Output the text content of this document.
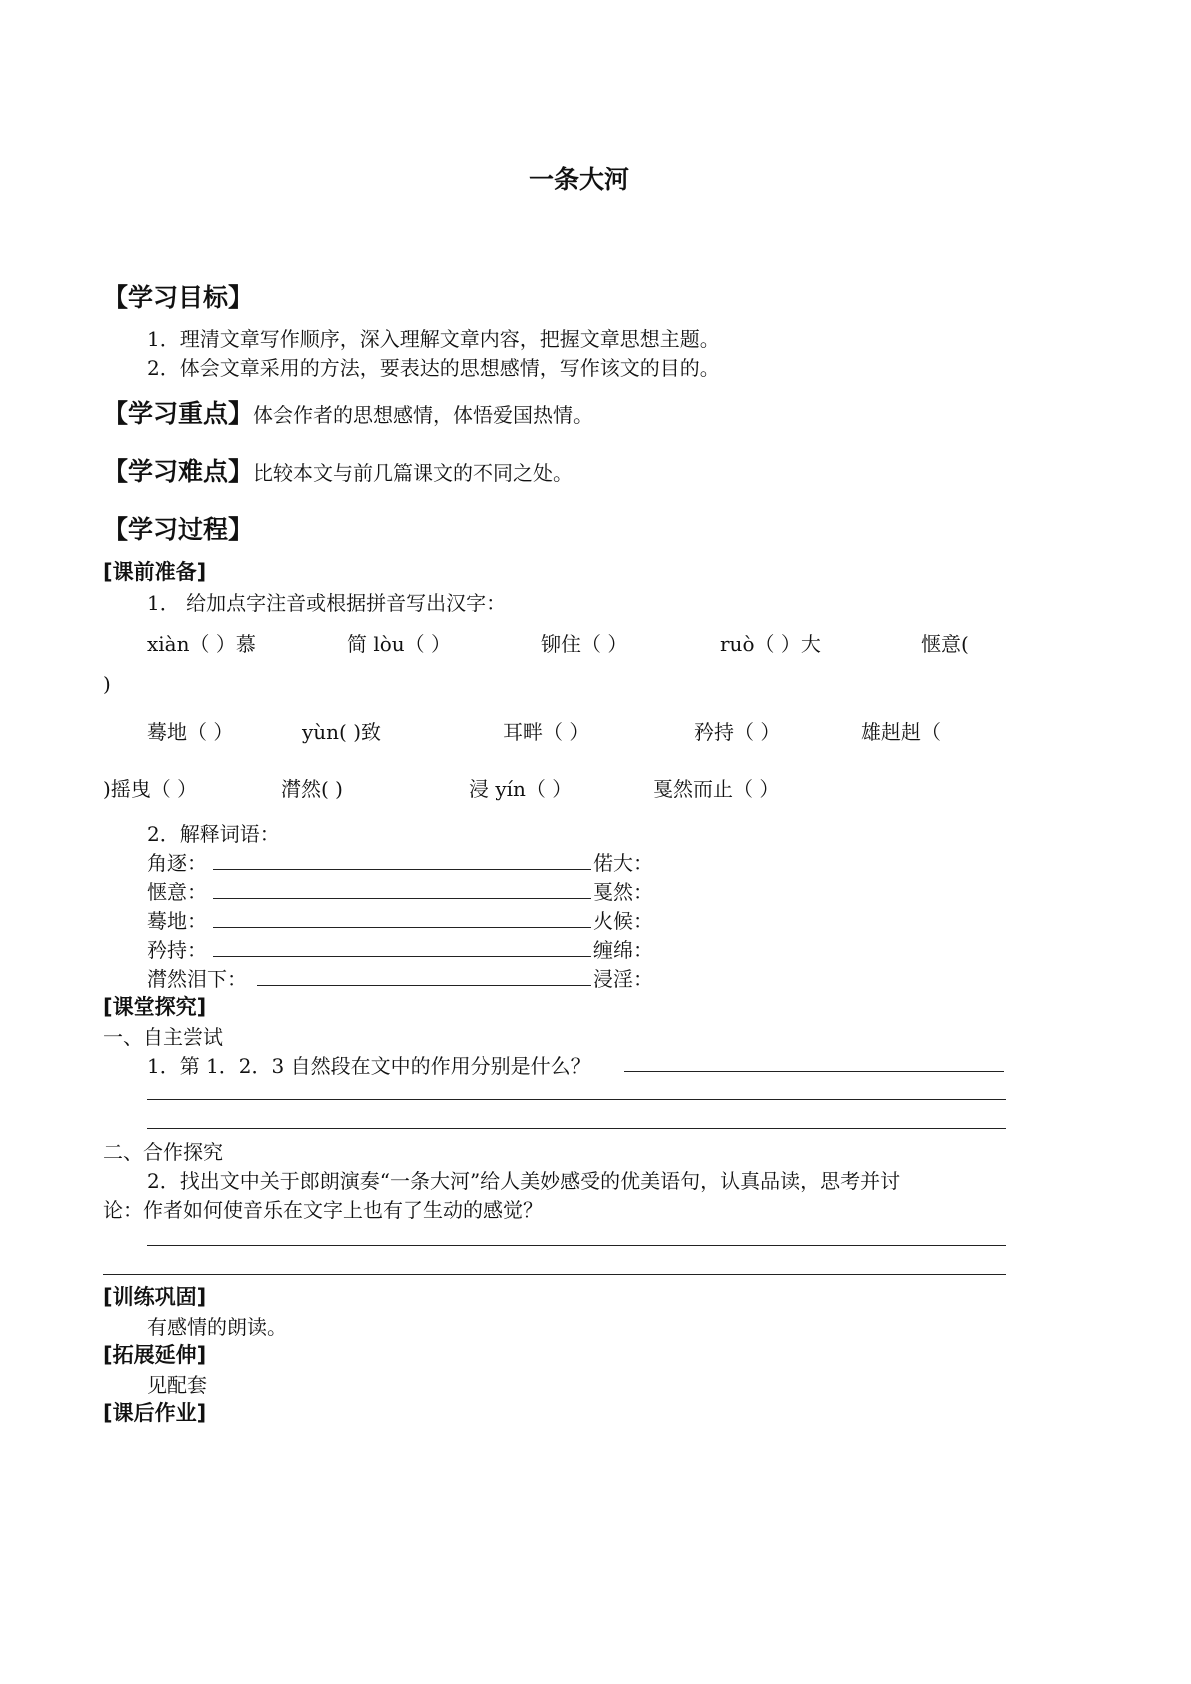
一条大河
【学习目标】
1．理清文章写作顺序，深入理解文章内容，把握文章思想主题。
2．体会文章采用的方法，要表达的思想感情，写作该文的目的。
【学习重点】体会作者的思想感情，体悟爱国热情。
【学习难点】比较本文与前几篇课文的不同之处。
【学习过程】
[课前准备]
1． 给加点字注音或根据拼音写出汉字：
xiàn（ ）慕	简 lòu（ ）	铆住（ ）	ruò（ ）大	惬意(
)
蓦地（ ）	yùn( )致	耳畔（ ）	矜持（ ）	雄赳赳（
)摇曳（ ）	潸然( )	浸 yín（ ）	戛然而止（ ）
2．解释词语：
角逐：	偌大：
惬意：	戛然：
蓦地：	火候：
矜持：	缠绵：
潸然泪下：	浸淫：
[课堂探究]
一、自主尝试
1．第 1．2．3 自然段在文中的作用分别是什么？
二、合作探究
2．找出文中关于郎朗演奏“一条大河”给人美妙感受的优美语句，认真品读，思考并讨
论：作者如何使音乐在文字上也有了生动的感觉？
[训练巩固]
有感情的朗读。
[拓展延伸]
见配套
[课后作业]
